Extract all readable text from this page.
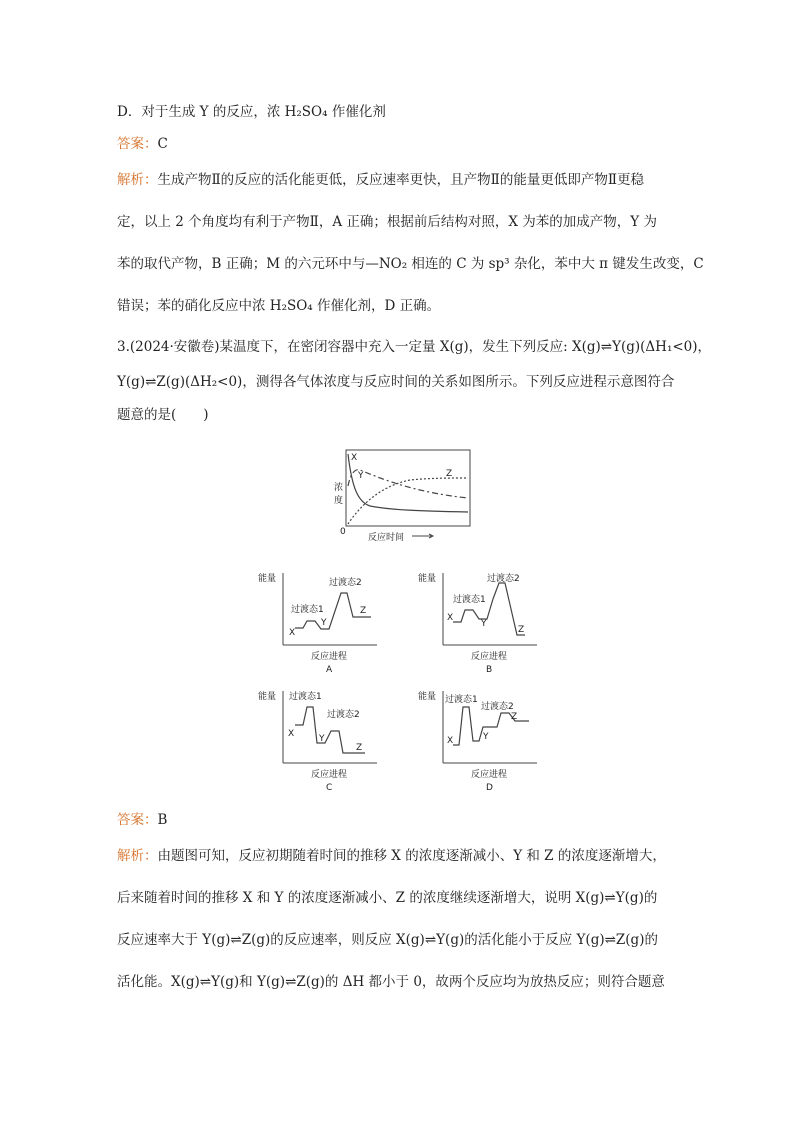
D．对于生成 Y 的反应，浓 H₂SO₄ 作催化剂
答案：C
解析：生成产物Ⅱ的反应的活化能更低，反应速率更快，且产物Ⅱ的能量更低即产物Ⅱ更稳
定，以上 2 个角度均有利于产物Ⅱ，A 正确；根据前后结构对照，X 为苯的加成产物，Y 为
苯的取代产物，B 正确；M 的六元环中与—NO₂ 相连的 C 为 sp³ 杂化，苯中大 π 键发生改变，C
错误；苯的硝化反应中浓 H₂SO₄ 作催化剂，D 正确。
3.(2024·安徽卷)某温度下，在密闭容器中充入一定量 X(g)，发生下列反应: X(g)⇌Y(g)(ΔH₁<0)，
Y(g)⇌Z(g)(ΔH₂<0)，测得各气体浓度与反应时间的关系如图所示。下列反应进程示意图符合
题意的是(　　)
X
Y	Z
浓
度
0
反应时间
能量
X
过渡态1
过渡态2
Y
Z
反应进程
A
能量
X
过渡态1
过渡态2
Y
Z
反应进程
B
能量
X
过渡态1
过渡态2
Y
Z
反应进程
C
能量
X
过渡态1
过渡态2
Y
Z
反应进程
D
答案：B
解析：由题图可知，反应初期随着时间的推移 X 的浓度逐渐减小、Y 和 Z 的浓度逐渐增大，
后来随着时间的推移 X 和 Y 的浓度逐渐减小、Z 的浓度继续逐渐增大，说明 X(g)⇌Y(g)的
反应速率大于 Y(g)⇌Z(g)的反应速率，则反应 X(g)⇌Y(g)的活化能小于反应 Y(g)⇌Z(g)的
活化能。X(g)⇌Y(g)和 Y(g)⇌Z(g)的 ΔH 都小于 0，故两个反应均为放热反应；则符合题意
